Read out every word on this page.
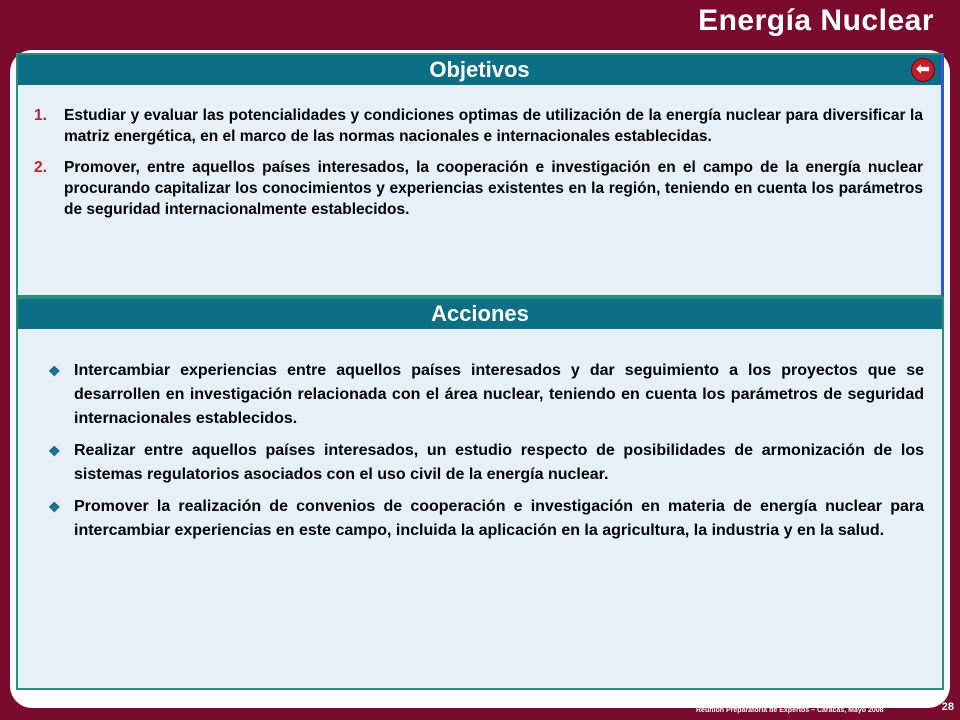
Energía Nuclear
Objetivos	⬅
1. Estudiar y evaluar las potencialidades y condiciones optimas de utilización de la energía nuclear para diversificar la matriz energética, en el marco de las normas nacionales e internacionales establecidas.
2. Promover, entre aquellos países interesados, la cooperación e investigación en el campo de la energía nuclear procurando capitalizar los conocimientos y experiencias existentes en la región, teniendo en cuenta los parámetros de seguridad internacionalmente establecidos.
Acciones
❖ Intercambiar experiencias entre aquellos países interesados y dar seguimiento a los proyectos que se desarrollen en investigación relacionada con el área nuclear, teniendo en cuenta los parámetros de seguridad internacionales establecidos.
❖ Realizar entre aquellos países interesados, un estudio respecto de posibilidades de armonización de los sistemas regulatorios asociados con el uso civil de la energía nuclear.
❖ Promover la realización de convenios de cooperación e investigación en materia de energía nuclear para intercambiar experiencias en este campo, incluida la aplicación en la agricultura, la industria y en la salud.
Reunión Preparatoria de Expertos – Caracas, Mayo 2008	28
